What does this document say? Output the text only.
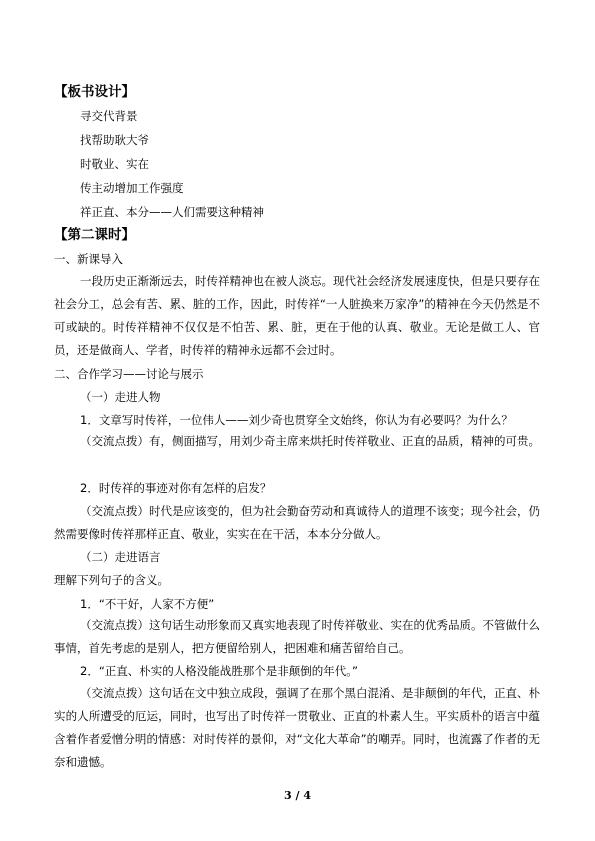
【板书设计】
寻交代背景
找帮助耿大爷
时敬业、实在
传主动增加工作强度
祥正直、本分——人们需要这种精神
【第二课时】
一、新课导入
一段历史正渐渐远去，时传祥精神也在被人淡忘。现代社会经济发展速度快，但是只要存在社会分工，总会有苦、累、脏的工作，因此，时传祥“一人脏换来万家净”的精神在今天仍然是不可或缺的。时传祥精神不仅仅是不怕苦、累、脏，更在于他的认真、敬业。无论是做工人、官员，还是做商人、学者，时传祥的精神永远都不会过时。
二、合作学习——讨论与展示
（一）走进人物
1．文章写时传祥，一位伟人——刘少奇也贯穿全文始终，你认为有必要吗？为什么？
（交流点拨）有，侧面描写，用刘少奇主席来烘托时传祥敬业、正直的品质，精神的可贵。
2．时传祥的事迹对你有怎样的启发？
（交流点拨）时代是应该变的，但为社会勤奋劳动和真诚待人的道理不该变；现今社会，仍然需要像时传祥那样正直、敬业，实实在在干活，本本分分做人。
（二）走进语言
理解下列句子的含义。
1．“不干好，人家不方便”
（交流点拨）这句话生动形象而又真实地表现了时传祥敬业、实在的优秀品质。不管做什么事情，首先考虑的是别人，把方便留给别人，把困难和痛苦留给自己。
2．“正直、朴实的人格没能战胜那个是非颠倒的年代。”
（交流点拨）这句话在文中独立成段，强调了在那个黑白混淆、是非颠倒的年代，正直、朴实的人所遭受的厄运，同时，也写出了时传祥一贯敬业、正直的朴素人生。平实质朴的语言中蕴含着作者爱憎分明的情感：对时传祥的景仰，对“文化大革命”的嘲弄。同时，也流露了作者的无奈和遗憾。
3 / 4
